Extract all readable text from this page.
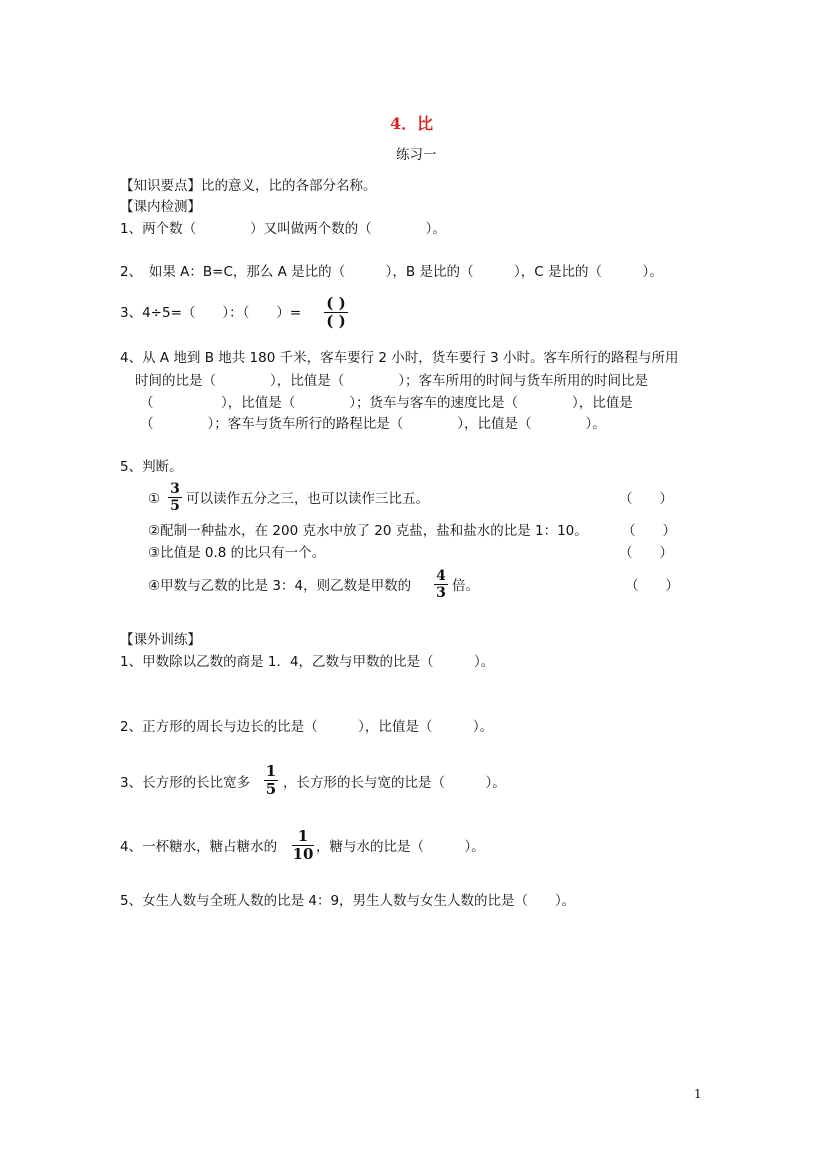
4．比
练习一
【知识要点】比的意义，比的各部分名称。
【课内检测】
1、两个数（　　　　）又叫做两个数的（　　　　）。
2、　如果 A：B=C，那么 A 是比的（　　　），B 是比的（　　　），C 是比的（　　　）。
3、4÷5=（　　）：（　　）=
( )
( )
4、从 A 地到 B 地共 180 千米，客车要行 2 小时，货车要行 3 小时。客车所行的路程与所用
时间的比是（　　　　），比值是（　　　　）；客车所用的时间与货车所用的时间比是
（　　　　　），比值是（　　　　）；货车与客车的速度比是（　　　　），比值是
（　　　　）；客车与货车所行的路程比是（　　　　），比值是（　　　　）。
5、判断。
①
3
5 可以读作五分之三，也可以读作三比五。	（　　）
②配制一种盐水，在 200 克水中放了 20 克盐，盐和盐水的比是 1：10。	（　　）
③比值是 0.8 的比只有一个。	（　　）
④甲数与乙数的比是 3：4，则乙数是甲数的
4
3 倍。	（　　）
【课外训练】
1、甲数除以乙数的商是 1．4，乙数与甲数的比是（　　　）。
2、正方形的周长与边长的比是（　　　），比值是（　　　）。
3、长方形的长比宽多
1
5 ，长方形的长与宽的比是（　　　）。
4、一杯糖水，糖占糖水的
1
10 ，糖与水的比是（　　　）。
5、女生人数与全班人数的比是 4：9，男生人数与女生人数的比是（　　）。
1
